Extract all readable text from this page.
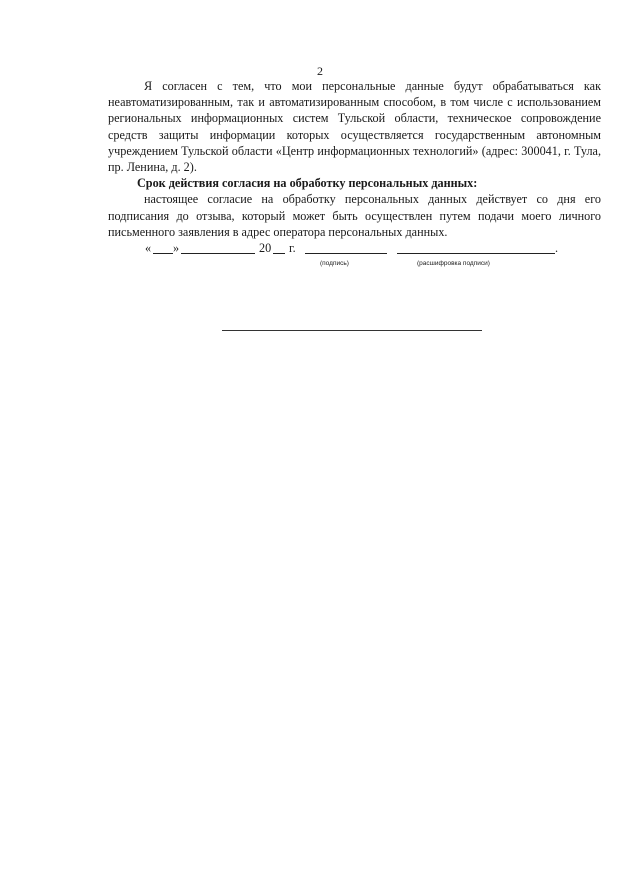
2

Я согласен с тем, что мои персональные данные будут обрабатываться как неавтоматизированным, так и автоматизированным способом, в том числе с использованием региональных информационных систем Тульской области, техническое сопровождение средств защиты информации которых осуществляется государственным автономным учреждением Тульской области «Центр информационных технологий» (адрес: 300041, г. Тула, пр. Ленина, д. 2).

Срок действия согласия на обработку персональных данных:

настоящее согласие на обработку персональных данных действует со дня его подписания до отзыва, который может быть осуществлен путем подачи моего личного письменного заявления в адрес оператора персональных данных.

« »	20 г.
(подпись)
.
(расшифровка подписи)
